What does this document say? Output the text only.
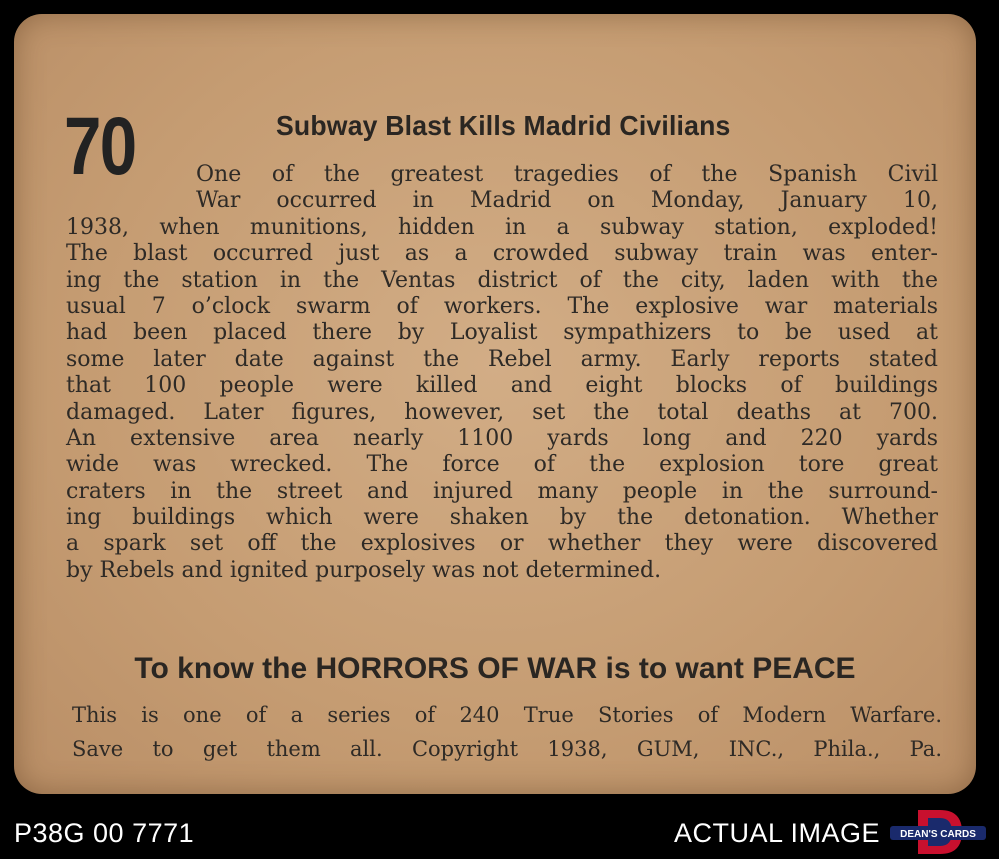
70	Subway Blast Kills Madrid Civilians
One of the greatest tragedies of the Spanish Civil
War occurred in Madrid on Monday, January 10,
1938, when munitions, hidden in a subway station, exploded!
The blast occurred just as a crowded subway train was enter-
ing the station in the Ventas district of the city, laden with the
usual 7 o’clock swarm of workers. The explosive war materials
had been placed there by Loyalist sympathizers to be used at
some later date against the Rebel army. Early reports stated
that 100 people were killed and eight blocks of buildings
damaged. Later figures, however, set the total deaths at 700.
An extensive area nearly 1100 yards long and 220 yards
wide was wrecked. The force of the explosion tore great
craters in the street and injured many people in the surround-
ing buildings which were shaken by the detonation. Whether
a spark set off the explosives or whether they were discovered
by Rebels and ignited purposely was not determined.
To know the HORRORS OF WAR is to want PEACE
This is one of a series of 240 True Stories of Modern Warfare.
Save to get them all. Copyright 1938, GUM, INC., Phila., Pa.
P38G 00 7771	ACTUAL IMAGE DEAN'S CARDS
